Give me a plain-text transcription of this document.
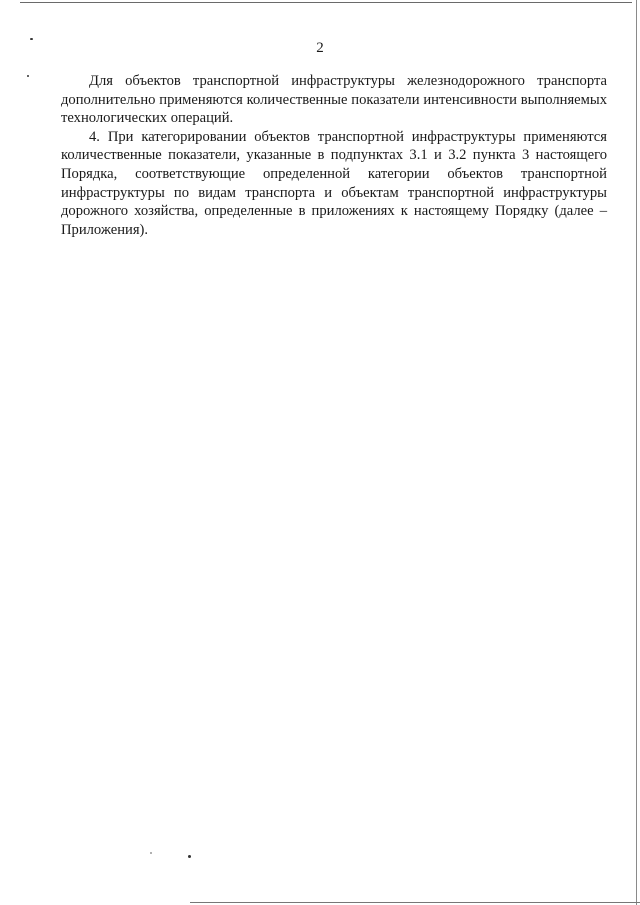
2

Для объектов транспортной инфраструктуры железнодорожного транспорта дополнительно применяются количественные показатели интенсивности выполняемых технологических операций.

4. При категорировании объектов транспортной инфраструктуры применяются количественные показатели, указанные в подпунктах 3.1 и 3.2 пункта 3 настоящего Порядка, соответствующие определенной категории объектов транспортной инфраструктуры по видам транспорта и объектам транспортной инфраструктуры дорожного хозяйства, определенные в приложениях к настоящему Порядку (далее – Приложения).
